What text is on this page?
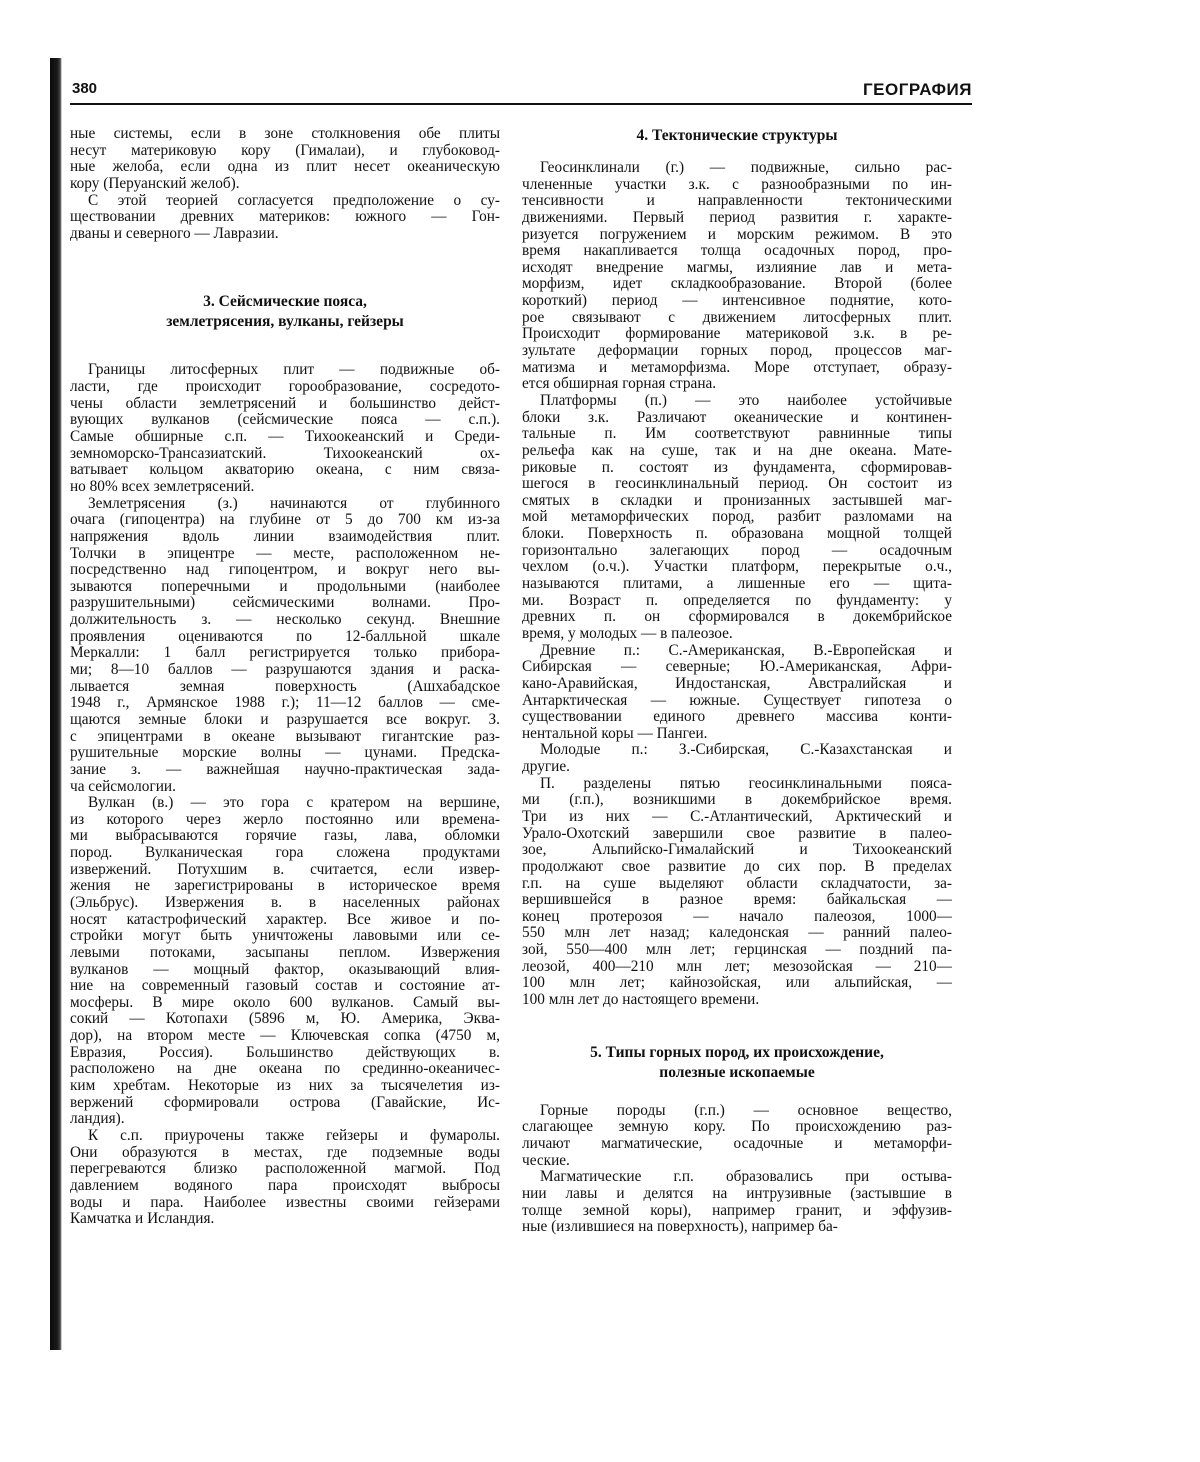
380	ГЕОГРАФИЯ
ные системы, если в зоне столкновения обе плиты
несут материковую кору (Гималаи), и глубоковод-
ные желоба, если одна из плит несет океаническую
кору (Перуанский желоб).
С этой теорией согласуется предположение о су-
ществовании древних материков: южного — Гон-
дваны и северного — Лавразии.
3. Сейсмические пояса,
землетрясения, вулканы, гейзеры
Границы литосферных плит — подвижные об-
ласти, где происходит горообразование, сосредото-
чены области землетрясений и большинство дейст-
вующих вулканов (сейсмические пояса — с.п.).
Самые обширные с.п. — Тихоокеанский и Среди-
земноморско-Трансазиатский. Тихоокеанский ох-
ватывает кольцом акваторию океана, с ним связа-
но 80% всех землетрясений.
Землетрясения (з.) начинаются от глубинного
очага (гипоцентра) на глубине от 5 до 700 км из-за
напряжения вдоль линии взаимодействия плит.
Толчки в эпицентре — месте, расположенном не-
посредственно над гипоцентром, и вокруг него вы-
зываются поперечными и продольными (наиболее
разрушительными) сейсмическими волнами. Про-
должительность з. — несколько секунд. Внешние
проявления оцениваются по 12-балльной шкале
Меркалли: 1 балл регистрируется только прибора-
ми; 8—10 баллов — разрушаются здания и раска-
лывается земная поверхность (Ашхабадское
1948 г., Армянское 1988 г.); 11—12 баллов — сме-
щаются земные блоки и разрушается все вокруг. З.
с эпицентрами в океане вызывают гигантские раз-
рушительные морские волны — цунами. Предска-
зание з. — важнейшая научно-практическая зада-
ча сейсмологии.
Вулкан (в.) — это гора с кратером на вершине,
из которого через жерло постоянно или временa-
ми выбрасываются горячие газы, лава, обломки
пород. Вулканическая гора сложена продуктами
извержений. Потухшим в. считается, если извер-
жения не зарегистрированы в историческое время
(Эльбрус). Извержения в. в населенных районах
носят катастрофический характер. Все живое и по-
стройки могут быть уничтожены лавовыми или се-
левыми потоками, засыпаны пеплом. Извержения
вулканов — мощный фактор, оказывающий влия-
ние на современный газовый состав и состояние ат-
мосферы. В мире около 600 вулканов. Самый вы-
сокий — Котопахи (5896 м, Ю. Америка, Эква-
дор), на втором месте — Ключевская сопка (4750 м,
Евразия, Россия). Большинство действующих в.
расположено на дне океана по срединно-океаничес-
ким хребтам. Некоторые из них за тысячелетия из-
вержений сформировали острова (Гавайские, Ис-
ландия).
К с.п. приурочены также гейзеры и фумаролы.
Они образуются в местах, где подземные воды
перегреваются близко расположенной магмой. Под
давлением водяного пара происходят выбросы
воды и пара. Наиболее известны своими гейзерами
Камчатка и Исландия.
4. Тектонические структуры
Геосинклинали (г.) — подвижные, сильно рас-
члененные участки з.к. с разнообразными по ин-
тенсивности и направленности тектоническими
движениями. Первый период развития г. характе-
ризуется погружением и морским режимом. В это
время накапливается толща осадочных пород, про-
исходят внедрение магмы, излияние лав и мета-
морфизм, идет складкообразование. Второй (более
короткий) период — интенсивное поднятие, кото-
рое связывают с движением литосферных плит.
Происходит формирование материковой з.к. в ре-
зультате деформации горных пород, процессов маг-
матизма и метаморфизма. Море отступает, образу-
ется обширная горная страна.
Платформы (п.) — это наиболее устойчивые
блоки з.к. Различают океанические и континен-
тальные п. Им соответствуют равнинные типы
рельефа как на суше, так и на дне океана. Мате-
риковые п. состоят из фундамента, сформировав-
шегося в геосинклинальный период. Он состоит из
смятых в складки и пронизанных застывшей маг-
мой метаморфических пород, разбит разломами на
блоки. Поверхность п. образована мощной толщей
горизонтально залегающих пород — осадочным
чехлом (о.ч.). Участки платформ, перекрытые о.ч.,
называются плитами, а лишенные его — щита-
ми. Возраст п. определяется по фундаменту: у
древних п. он сформировался в докембрийское
время, у молодых — в палеозое.
Древние п.: С.-Американская, В.-Европейская и
Сибирская — северные; Ю.-Американская, Афри-
кано-Аравийская, Индостанская, Австралийская и
Антарктическая — южные. Существует гипотеза о
существовании единого древнего массива конти-
нентальной коры — Пангеи.
Молодые п.: З.-Сибирская, С.-Казахстанская и
другие.
П. разделены пятью геосинклинальными пояса-
ми (г.п.), возникшими в докембрийское время.
Три из них — С.-Атлантический, Арктический и
Урало-Охотский завершили свое развитие в палео-
зое, Альпийско-Гималайский и Тихоокеанский
продолжают свое развитие до сих пор. В пределах
г.п. на суше выделяют области складчатости, за-
вершившейся в разное время: байкальская —
конец протерозоя — начало палеозоя, 1000—
550 млн лет назад; каледонская — ранний палео-
зой, 550—400 млн лет; герцинская — поздний па-
леозой, 400—210 млн лет; мезозойская — 210—
100 млн лет; кайнозойская, или альпийская, —
100 млн лет до настоящего времени.
5. Типы горных пород, их происхождение,
полезные ископаемые
Горные породы (г.п.) — основное вещество,
слагающее земную кору. По происхождению раз-
личают магматические, осадочные и метаморфи-
ческие.
Магматические г.п. образовались при остыва-
нии лавы и делятся на интрузивные (застывшие в
толще земной коры), например гранит, и эффузив-
ные (излившиеся на поверхность), например ба-
